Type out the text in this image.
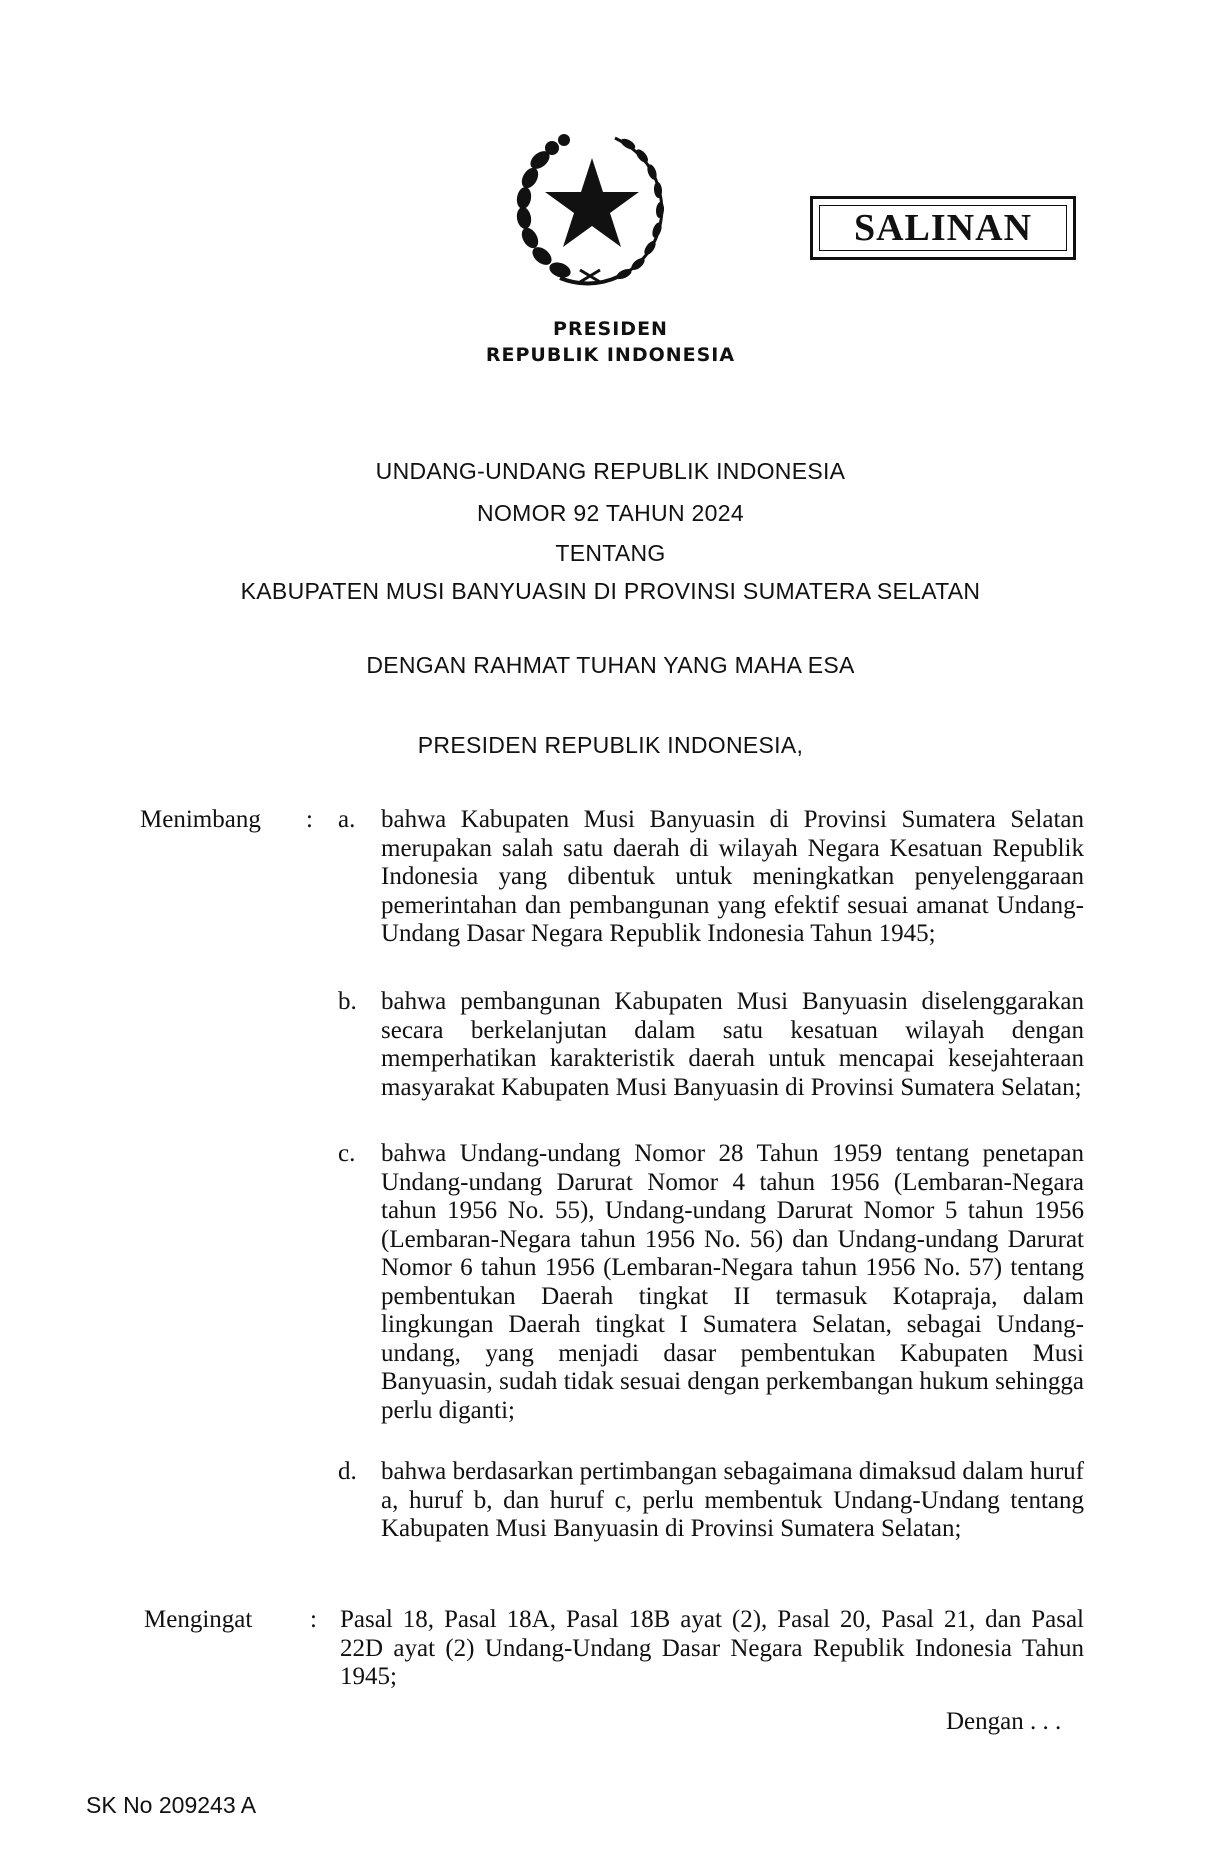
SALINAN
PRESIDEN
REPUBLIK INDONESIA
UNDANG-UNDANG REPUBLIK INDONESIA
NOMOR 92 TAHUN 2024
TENTANG
KABUPATEN MUSI BANYUASIN DI PROVINSI SUMATERA SELATAN
DENGAN RAHMAT TUHAN YANG MAHA ESA
PRESIDEN REPUBLIK INDONESIA,
Menimbang : a. bahwa Kabupaten Musi Banyuasin di Provinsi Sumatera Selatan merupakan salah satu daerah di wilayah Negara Kesatuan Republik Indonesia yang dibentuk untuk meningkatkan penyelenggaraan pemerintahan dan pembangunan yang efektif sesuai amanat Undang-Undang Dasar Negara Republik Indonesia Tahun 1945;

b. bahwa pembangunan Kabupaten Musi Banyuasin diselenggarakan secara berkelanjutan dalam satu kesatuan wilayah dengan memperhatikan karakteristik daerah untuk mencapai kesejahteraan masyarakat Kabupaten Musi Banyuasin di Provinsi Sumatera Selatan;

c. bahwa Undang-undang Nomor 28 Tahun 1959 tentang penetapan Undang-undang Darurat Nomor 4 tahun 1956 (Lembaran-Negara tahun 1956 No. 55), Undang-undang Darurat Nomor 5 tahun 1956 (Lembaran-Negara tahun 1956 No. 56) dan Undang-undang Darurat Nomor 6 tahun 1956 (Lembaran-Negara tahun 1956 No. 57) tentang pembentukan Daerah tingkat II termasuk Kotapraja, dalam lingkungan Daerah tingkat I Sumatera Selatan, sebagai Undang-undang, yang menjadi dasar pembentukan Kabupaten Musi Banyuasin, sudah tidak sesuai dengan perkembangan hukum sehingga perlu diganti;

d. bahwa berdasarkan pertimbangan sebagaimana dimaksud dalam huruf a, huruf b, dan huruf c, perlu membentuk Undang-Undang tentang Kabupaten Musi Banyuasin di Provinsi Sumatera Selatan;

Mengingat : Pasal 18, Pasal 18A, Pasal 18B ayat (2), Pasal 20, Pasal 21, dan Pasal 22D ayat (2) Undang-Undang Dasar Negara Republik Indonesia Tahun 1945;

Dengan . . .
SK No 209243 A
